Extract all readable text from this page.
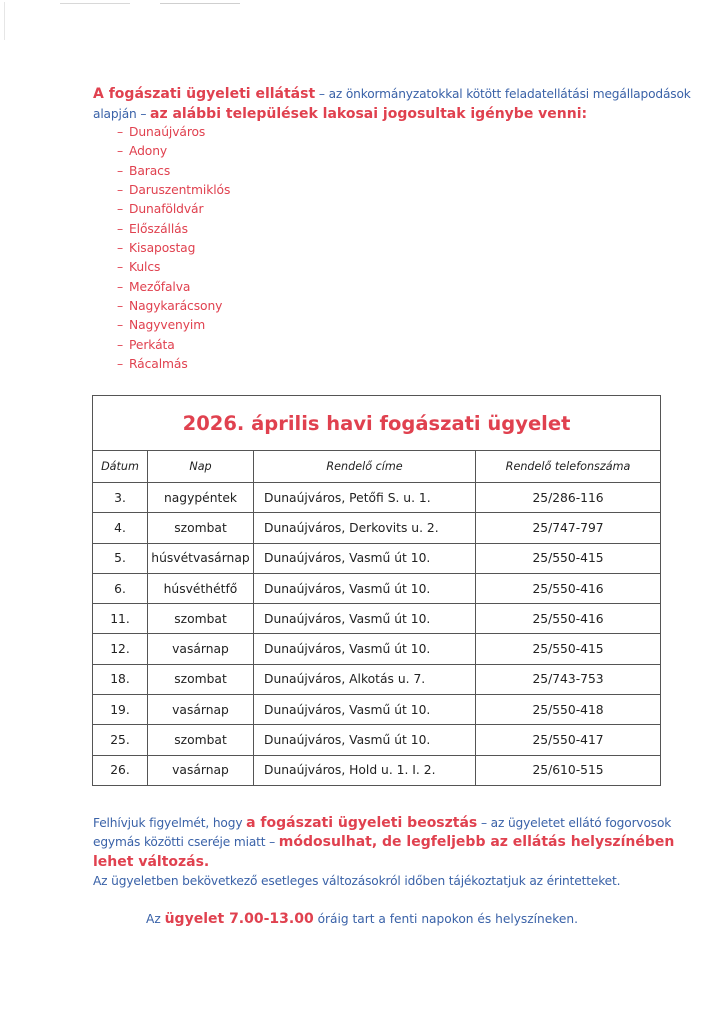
A fogászati ügyeleti ellátást – az önkormányzatokkal kötött feladatellátási megállapodások alapján – az alábbi települések lakosai jogosultak igénybe venni:
– Dunaújváros
– Adony
– Baracs
– Daruszentmiklós
– Dunaföldvár
– Előszállás
– Kisapostag
– Kulcs
– Mezőfalva
– Nagykarácsony
– Nagyvenyim
– Perkáta
– Rácalmás
2026. április havi fogászati ügyelet			
Dátum	Nap	Rendelő címe	Rendelő telefonszáma
3.	nagypéntek	Dunaújváros, Petőfi S. u. 1.	25/286-116
4.	szombat	Dunaújváros, Derkovits u. 2.	25/747-797
5.	húsvétvasárnap	Dunaújváros, Vasmű út 10.	25/550-415
6.	húsvéthétfő	Dunaújváros, Vasmű út 10.	25/550-416
11.	szombat	Dunaújváros, Vasmű út 10.	25/550-416
12.	vasárnap	Dunaújváros, Vasmű út 10.	25/550-415
18.	szombat	Dunaújváros, Alkotás u. 7.	25/743-753
19.	vasárnap	Dunaújváros, Vasmű út 10.	25/550-418
25.	szombat	Dunaújváros, Vasmű út 10.	25/550-417
26.	vasárnap	Dunaújváros, Hold u. 1. I. 2.	25/610-515
Felhívjuk figyelmét, hogy a fogászati ügyeleti beosztás – az ügyeletet ellátó fogorvosok egymás közötti cseréje miatt – módosulhat, de legfeljebb az ellátás helyszínében lehet változás.
Az ügyeletben bekövetkező esetleges változásokról időben tájékoztatjuk az érintetteket.
Az ügyelet 7.00-13.00 óráig tart a fenti napokon és helyszíneken.
